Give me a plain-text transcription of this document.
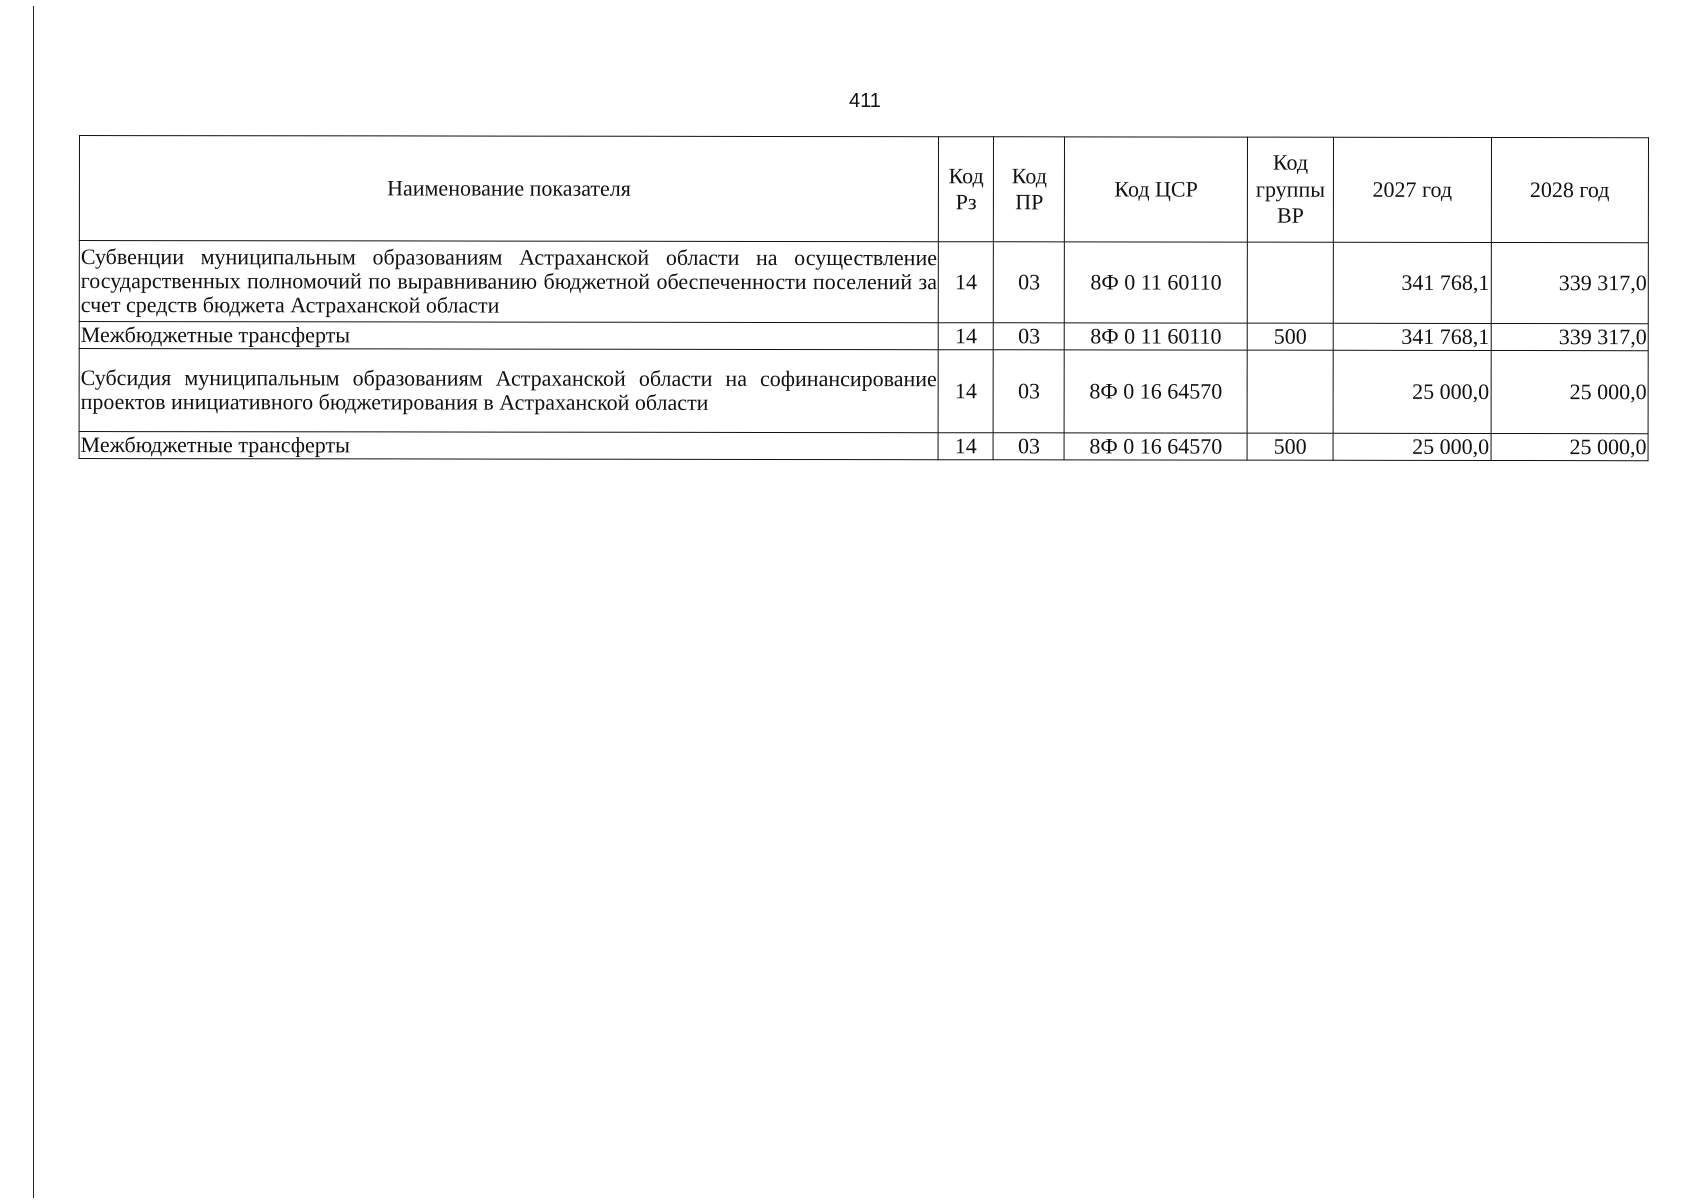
411
Наименование показателя	Код Рз	Код ПР	Код ЦСР	Код группы ВР	2027 год	2028 год
Субвенции муниципальным образованиям Астраханской области на осуществление государственных полномочий по выравниванию бюджетной обеспеченности поселений за счет средств бюджета Астраханской области	14	03	8Ф 0 11 60110		341 768,1	339 317,0
Межбюджетные трансферты	14	03	8Ф 0 11 60110	500	341 768,1	339 317,0
Субсидия муниципальным образованиям Астраханской области на софинансирование проектов инициативного бюджетирования в Астраханской области	14	03	8Ф 0 16 64570		25 000,0	25 000,0
Межбюджетные трансферты	14	03	8Ф 0 16 64570	500	25 000,0	25 000,0
